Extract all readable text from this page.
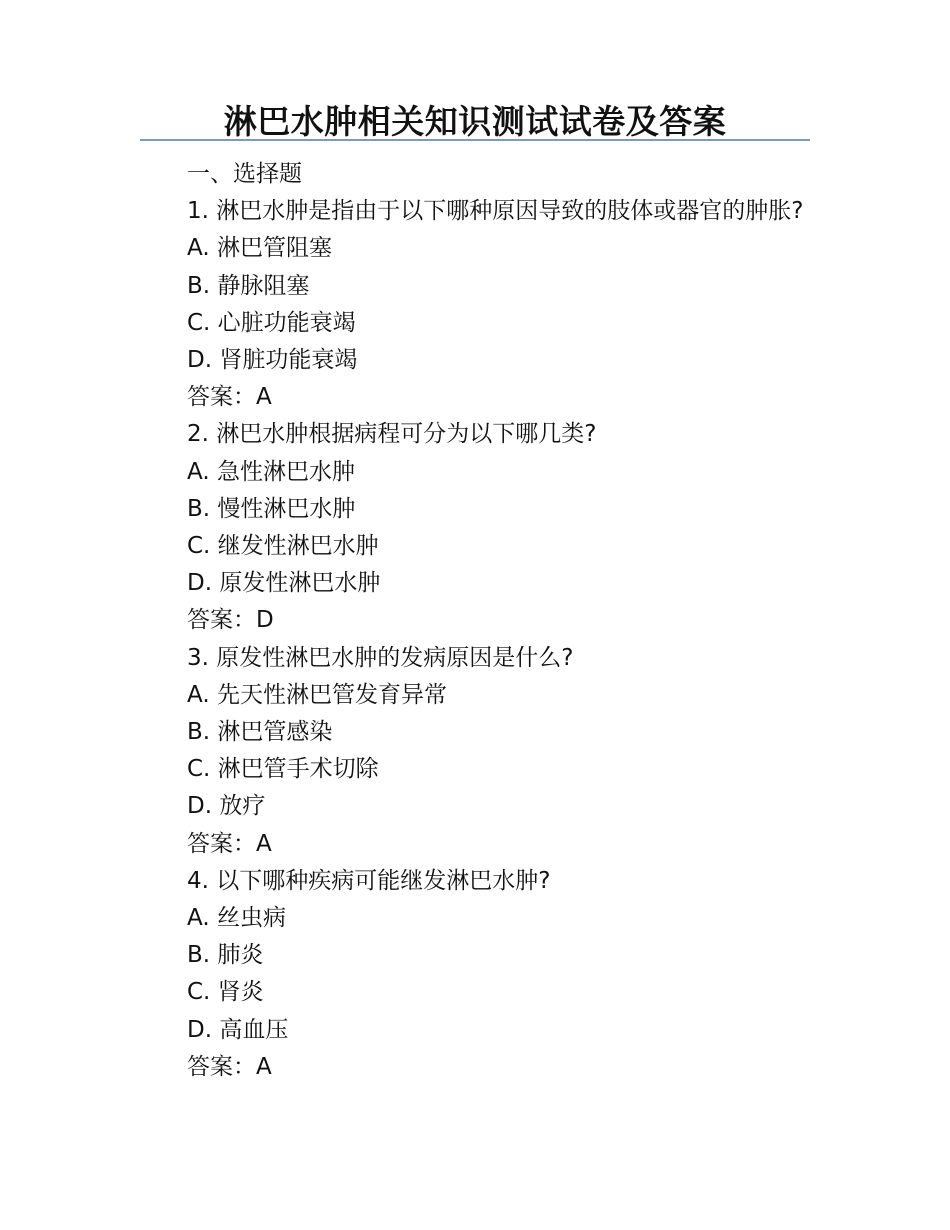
淋巴水肿相关知识测试试卷及答案
一、选择题
1. 淋巴水肿是指由于以下哪种原因导致的肢体或器官的肿胀?
A. 淋巴管阻塞
B. 静脉阻塞
C. 心脏功能衰竭
D. 肾脏功能衰竭
答案：A
2. 淋巴水肿根据病程可分为以下哪几类?
A. 急性淋巴水肿
B. 慢性淋巴水肿
C. 继发性淋巴水肿
D. 原发性淋巴水肿
答案：D
3. 原发性淋巴水肿的发病原因是什么?
A. 先天性淋巴管发育异常
B. 淋巴管感染
C. 淋巴管手术切除
D. 放疗
答案：A
4. 以下哪种疾病可能继发淋巴水肿?
A. 丝虫病
B. 肺炎
C. 肾炎
D. 高血压
答案：A
